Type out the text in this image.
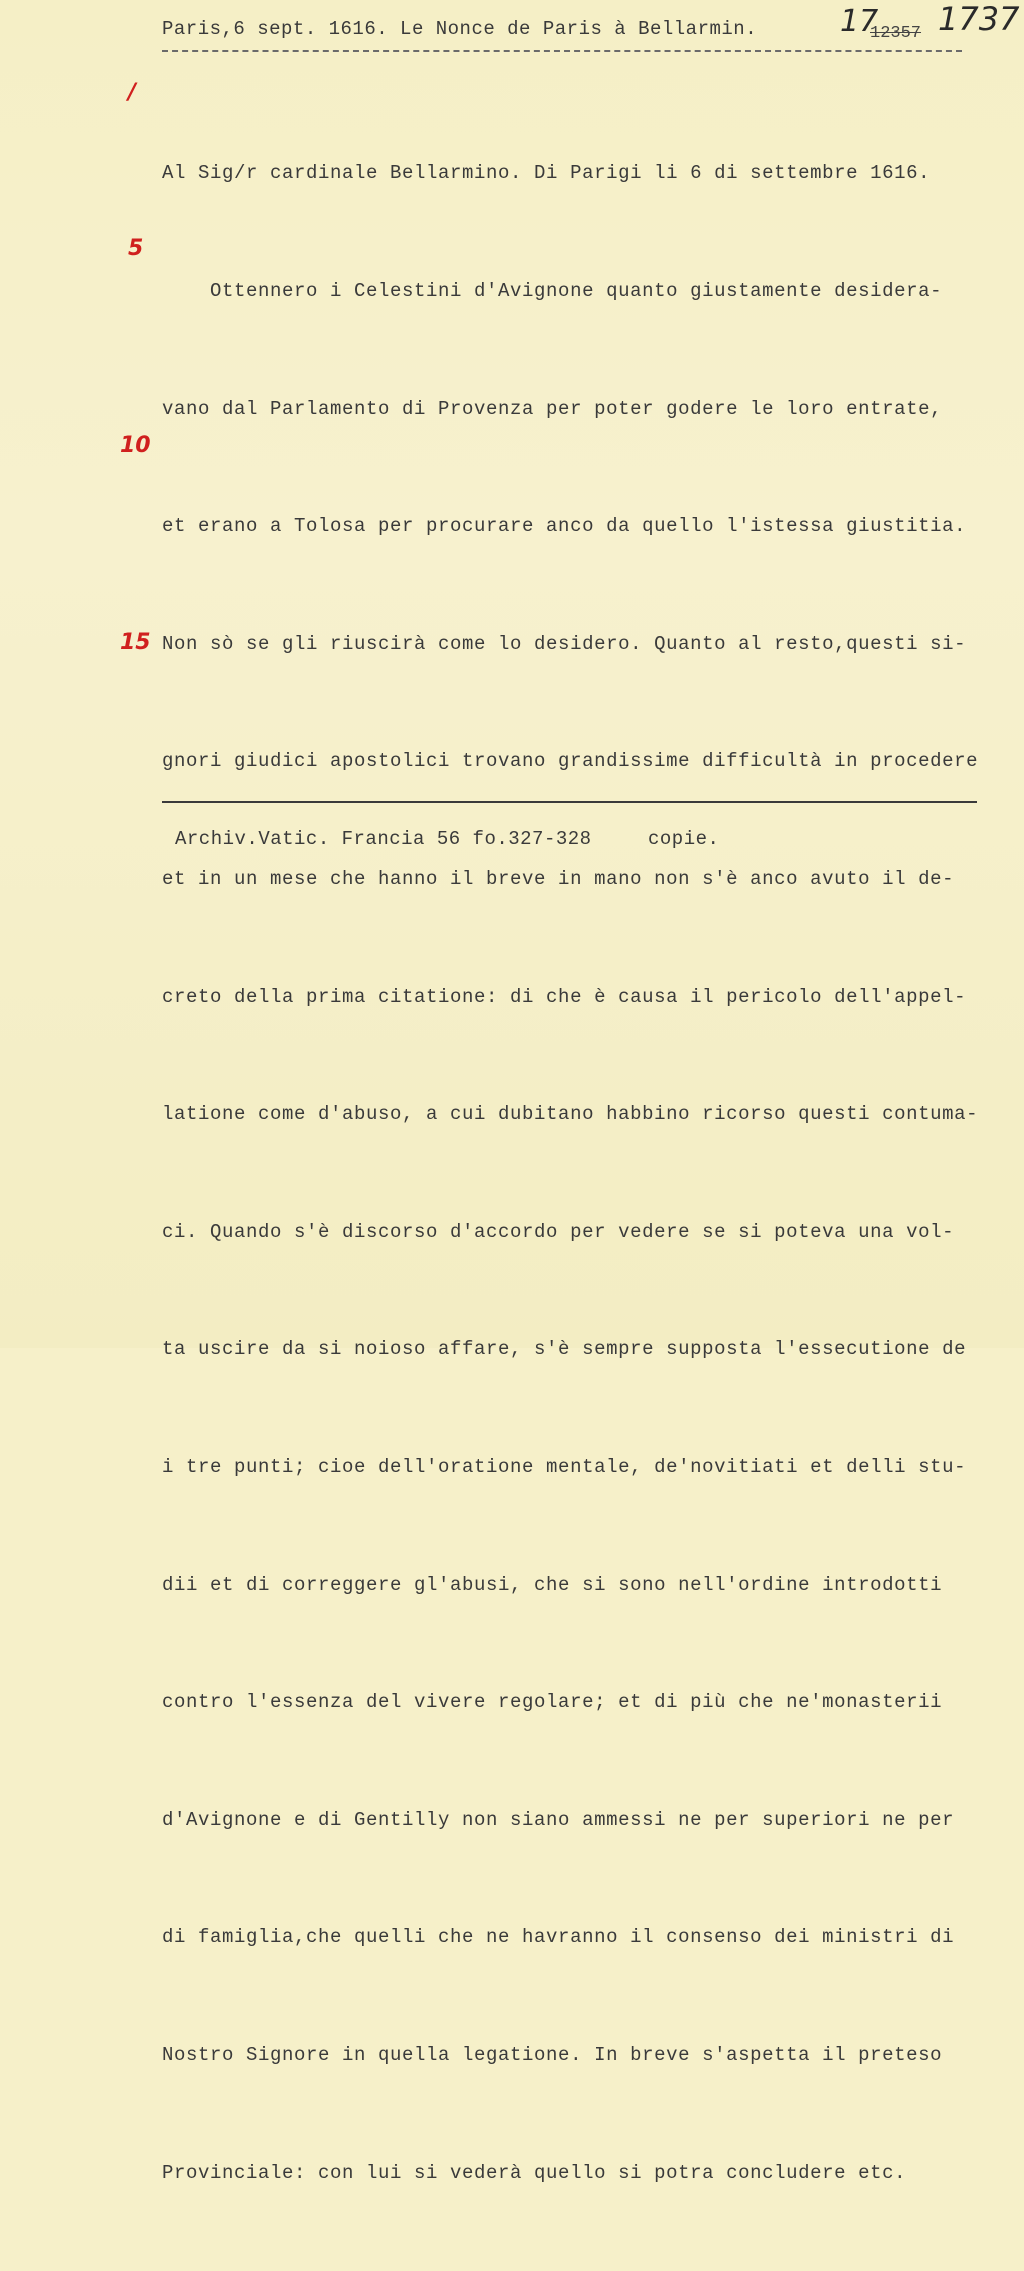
Paris,6 sept. 1616. Le Nonce de Paris à Bellarmin.	12357
17 1737
/
5
10
15

Al Sig/r cardinale Bellarmino. Di Parigi li 6 di settembre 1616.

Ottennero i Celestini d'Avignone quanto giustamente desidera-

vano dal Parlamento di Provenza per poter godere le loro entrate,

et erano a Tolosa per procurare anco da quello l'istessa giustitia.

Non sò se gli riuscirà come lo desidero. Quanto al resto,questi si-

gnori giudici apostolici trovano grandissime difficultà in procedere

et in un mese che hanno il breve in mano non s'è anco avuto il de-

creto della prima citatione: di che è causa il pericolo dell'appel-

latione come d'abuso, a cui dubitano habbino ricorso questi contuma-

ci. Quando s'è discorso d'accordo per vedere se si poteva una vol-

ta uscire da si noioso affare, s'è sempre supposta l'essecutione de

i tre punti; cioe dell'oratione mentale, de'novitiati et delli stu-

dii et di correggere gl'abusi, che si sono nell'ordine introdotti

contro l'essenza del vivere regolare; et di più che ne'monasterii

d'Avignone e di Gentilly non siano ammessi ne per superiori ne per

di famiglia,che quelli che ne havranno il consenso dei ministri di

Nostro Signore in quella legatione. In breve s'aspetta il preteso

Provinciale: con lui si vederà quello si potra concludere etc.

Archiv.Vatic. Francia 56 fo.327-328	copie.
